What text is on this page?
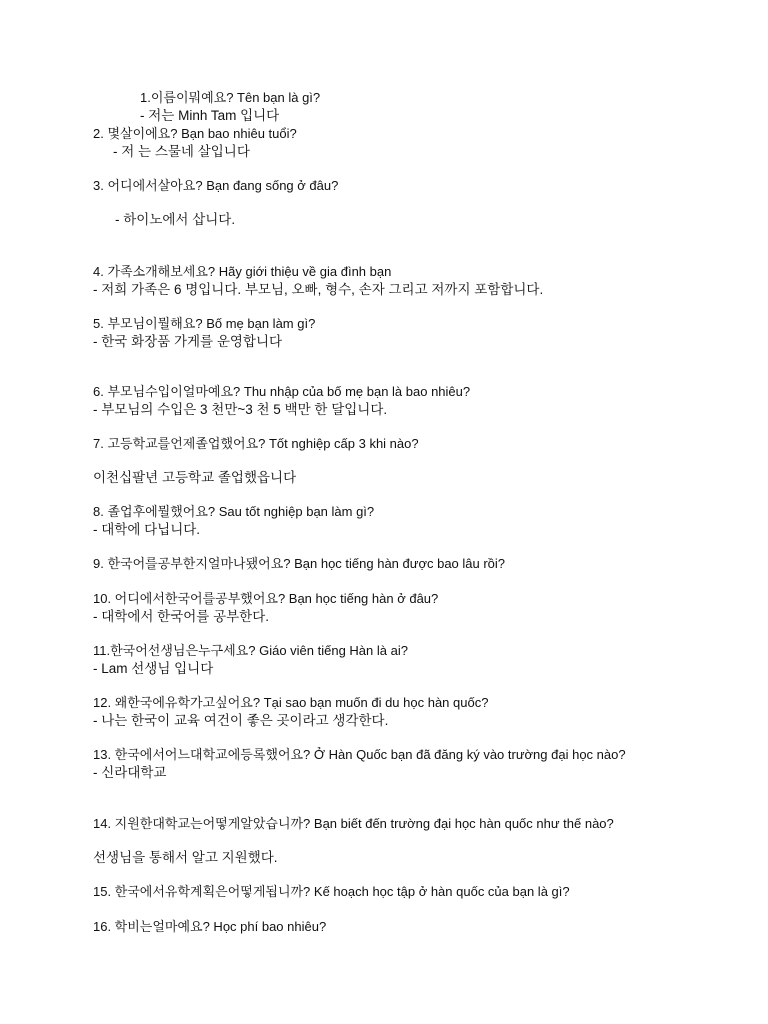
1.이름이뭐예요? Tên bạn là gì?
- 저는 Minh Tam 입니다
2. 몇살이에요? Bạn bao nhiêu tuổi?
- 저 는 스물네 살입니다
3. 어디에서살아요? Bạn đang sống ở đâu?
- 하이노에서 삽니다.
4. 가족소개해보세요? Hãy giới thiệu về gia đình bạn
- 저희 가족은 6 명입니다. 부모님, 오빠, 형수, 손자 그리고 저까지 포함합니다.
5. 부모님이뭘해요? Bố mẹ bạn làm gì?
- 한국 화장품 가게를 운영합니다
6. 부모님수입이얼마예요? Thu nhập của bố mẹ bạn là bao nhiêu?
- 부모님의 수입은 3 천만~3 천 5 백만 한 달입니다.
7. 고등학교를언제졸업했어요? Tốt nghiệp cấp 3 khi nào?
이천십팔년 고등학교 졸업했읍니다
8. 졸업후에뭘했어요? Sau tốt nghiệp bạn làm gì?
- 대학에 다닙니다.
9. 한국어를공부한지얼마나됐어요? Bạn học tiếng hàn được bao lâu rồi?
10. 어디에서한국어를공부했어요? Bạn học tiếng hàn ở đâu?
- 대학에서 한국어를 공부한다.
11.한국어선생님은누구세요? Giáo viên tiếng Hàn là ai?
- Lam 선생님 입니다
12. 왜한국에유학가고싶어요? Tại sao bạn muốn đi du học hàn quốc?
- 나는 한국이 교육 여건이 좋은 곳이라고 생각한다.
13. 한국에서어느대학교에등록했어요? Ở Hàn Quốc bạn đã đăng ký vào trường đại học nào?
- 신라대학교
14. 지원한대학교는어떻게알았습니까? Bạn biết đến trường đại học hàn quốc như thế nào?
선생님을 통해서 알고 지원했다.
15. 한국에서유학계획은어떻게됩니까? Kế hoạch học tập ở hàn quốc của bạn là gì?
16. 학비는얼마예요? Học phí bao nhiêu?
